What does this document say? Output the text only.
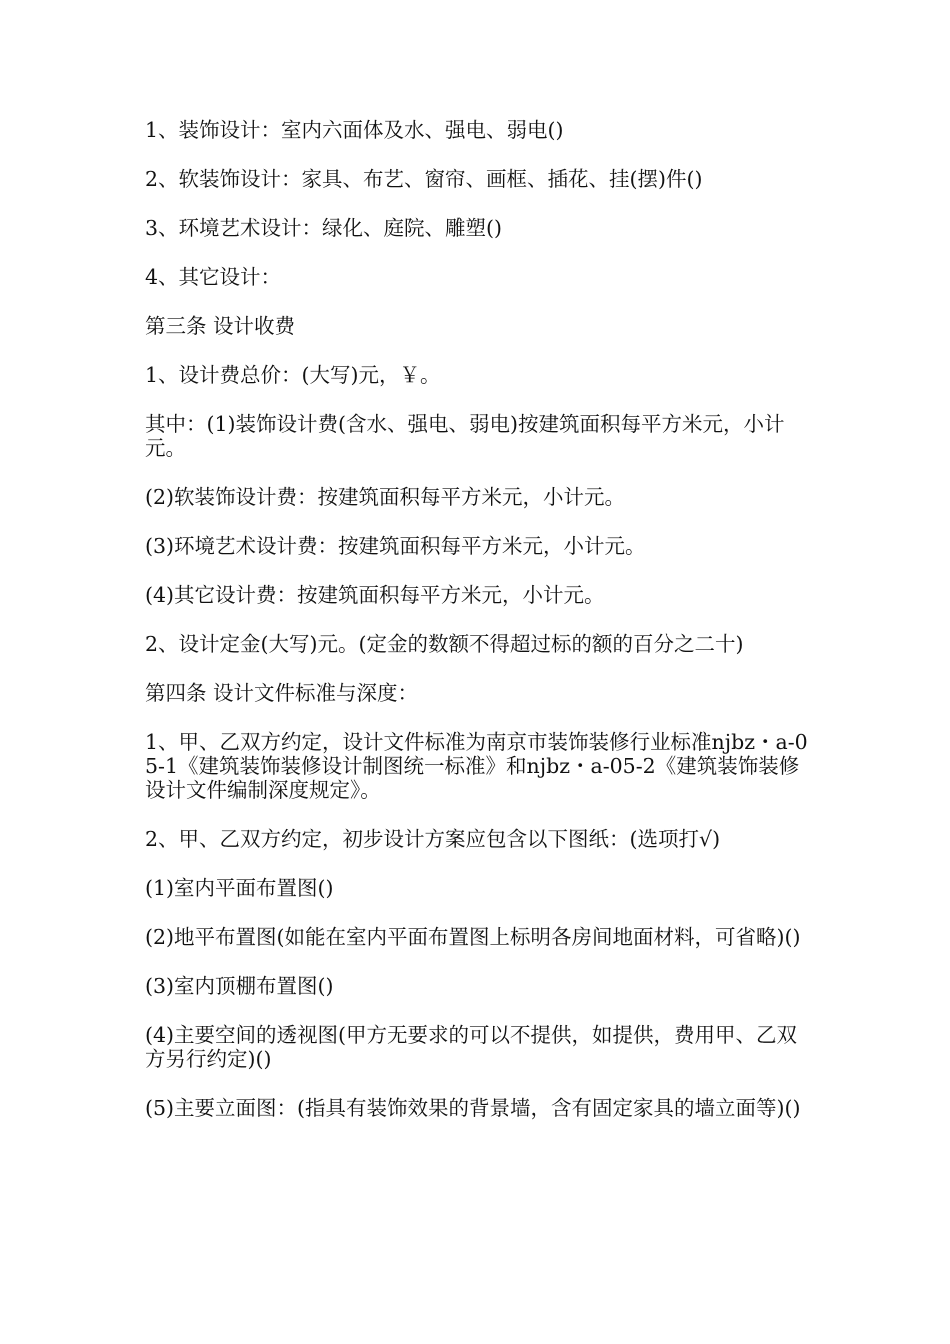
1、装饰设计：室内六面体及水、强电、弱电()

2、软装饰设计：家具、布艺、窗帘、画框、插花、挂(摆)件()

3、环境艺术设计：绿化、庭院、雕塑()

4、其它设计：

第三条 设计收费

1、设计费总价：(大写)元，￥。

其中：(1)装饰设计费(含水、强电、弱电)按建筑面积每平方米元，小计元。

(2)软装饰设计费：按建筑面积每平方米元，小计元。

(3)环境艺术设计费：按建筑面积每平方米元，小计元。

(4)其它设计费：按建筑面积每平方米元，小计元。

2、设计定金(大写)元。(定金的数额不得超过标的额的百分之二十)

第四条 设计文件标准与深度：

1、甲、乙双方约定，设计文件标准为南京市装饰装修行业标准njbz・a-05-1《建筑装饰装修设计制图统一标准》和njbz・a-05-2《建筑装饰装修设计文件编制深度规定》。

2、甲、乙双方约定，初步设计方案应包含以下图纸：(选项打√)

(1)室内平面布置图()

(2)地平布置图(如能在室内平面布置图上标明各房间地面材料，可省略)()

(3)室内顶棚布置图()

(4)主要空间的透视图(甲方无要求的可以不提供，如提供，费用甲、乙双方另行约定)()

(5)主要立面图：(指具有装饰效果的背景墙，含有固定家具的墙立面等)()
